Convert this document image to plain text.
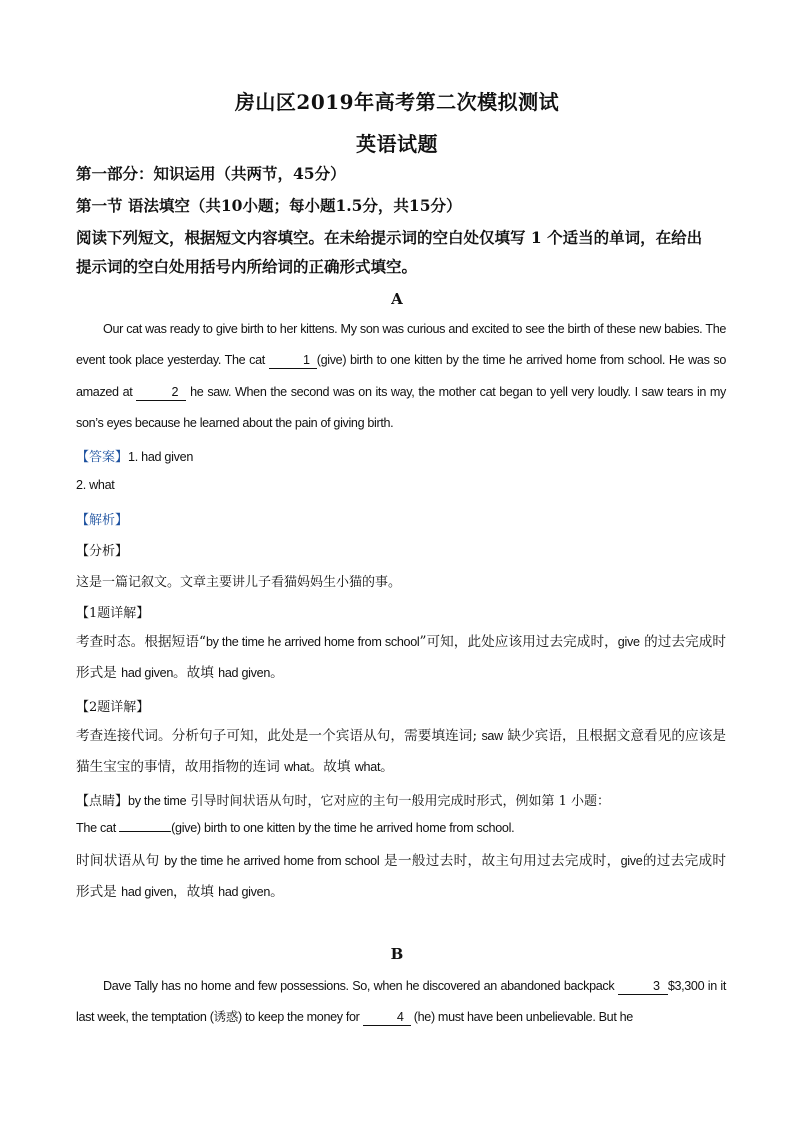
房山区2019年高考第二次模拟测试
英语试题
第一部分：知识运用（共两节，45分）
第一节 语法填空（共10小题；每小题1.5分，共15分）
阅读下列短文，根据短文内容填空。在未给提示词的空白处仅填写 1 个适当的单词，在给出
提示词的空白处用括号内所给词的正确形式填空。
A

Our cat was ready to give birth to her kittens. My son was curious and excited to see the birth of these new babies. The event took place yesterday. The cat	1 (give) birth to one kitten by the time he arrived home from school. He was so amazed at	2 he saw. When the second was on its way, the mother cat began to yell very loudly. I saw tears in my son’s eyes because he learned about the pain of giving birth.

【答案】1. had given
2. what
【解析】
【分析】
这是一篇记叙文。文章主要讲儿子看猫妈妈生小猫的事。
【1题详解】
考查时态。根据短语“by the time he arrived home from school”可知，此处应该用过去完成时，give 的过去完成时形式是 had given。故填 had given。
【2题详解】
考查连接代词。分析句子可知，此处是一个宾语从句，需要填连词; saw 缺少宾语，且根据文意看见的应该是猫生宝宝的事情，故用指物的连词 what。故填 what。
【点睛】by the time 引导时间状语从句时，它对应的主句一般用完成时形式，例如第 1 小题：
The cat	(give) birth to one kitten by the time he arrived home from school.
时间状语从句 by the time he arrived home from school 是一般过去时，故主句用过去完成时，give的过去完成时形式是 had given，故填 had given。
B

Dave Tally has no home and few possessions. So, when he discovered an abandoned backpack	3 $3,300 in it last week, the temptation (诱惑) to keep the money for	4 (he) must have been unbelievable. But he
